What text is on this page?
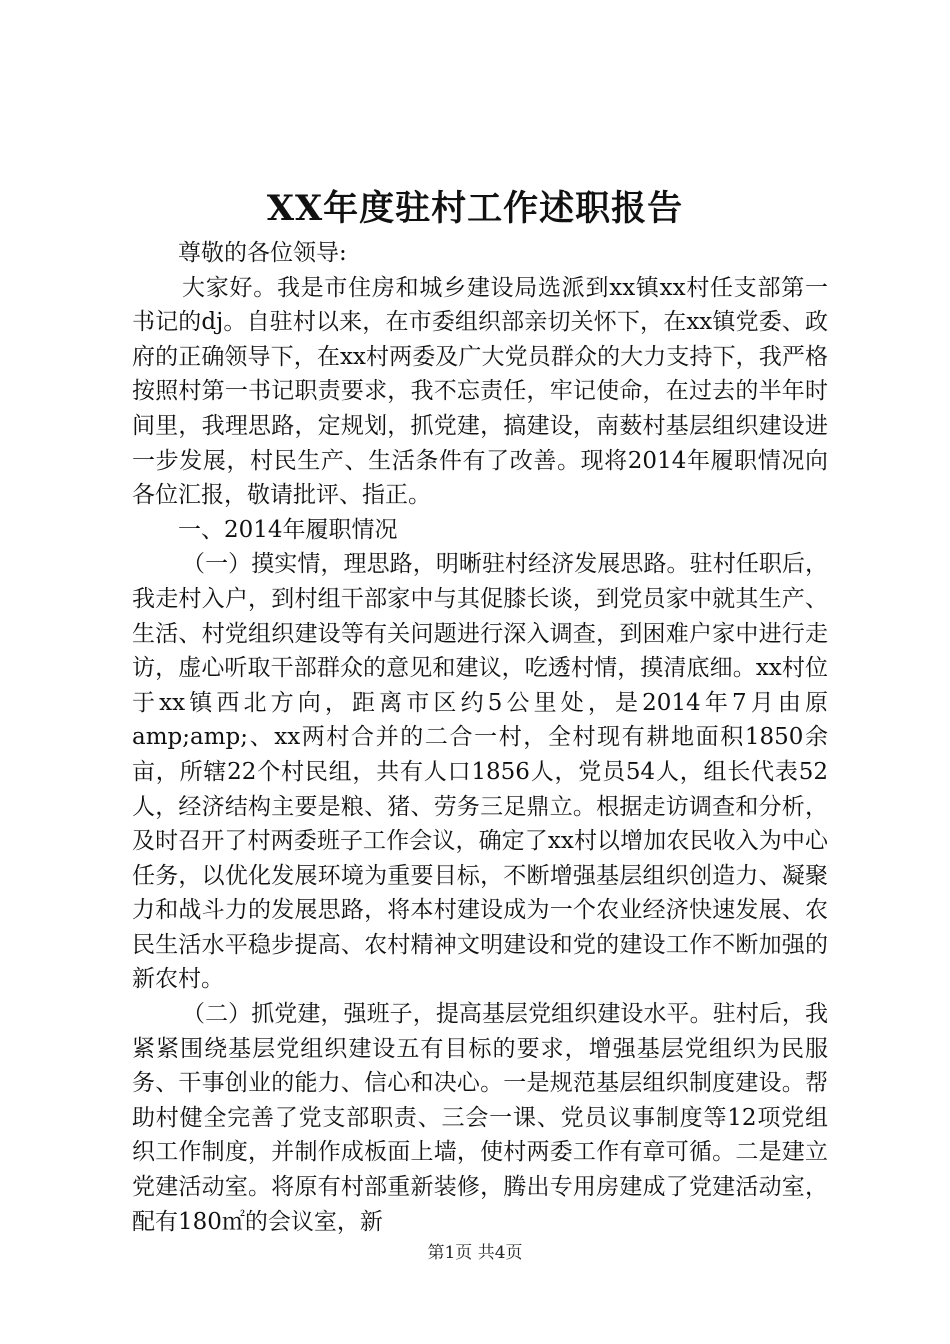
XX年度驻村工作述职报告

尊敬的各位领导:

大家好。我是市住房和城乡建设局选派到xx镇xx村任支部第一书记的dj。自驻村以来，在市委组织部亲切关怀下，在xx镇党委、政府的正确领导下，在xx村两委及广大党员群众的大力支持下，我严格按照村第一书记职责要求，我不忘责任，牢记使命，在过去的半年时间里，我理思路，定规划，抓党建，搞建设，南薮村基层组织建设进一步发展，村民生产、生活条件有了改善。现将2014年履职情况向各位汇报，敬请批评、指正。

一、2014年履职情况

（一）摸实情，理思路，明晰驻村经济发展思路。驻村任职后，我走村入户，到村组干部家中与其促膝长谈，到党员家中就其生产、生活、村党组织建设等有关问题进行深入调查，到困难户家中进行走访，虚心听取干部群众的意见和建议，吃透村情，摸清底细。xx村位于xx镇西北方向，距离市区约5公里处，是2014年7月由原amp;amp;、xx两村合并的二合一村，全村现有耕地面积1850余亩，所辖22个村民组，共有人口1856人，党员54人，组长代表52人，经济结构主要是粮、猪、劳务三足鼎立。根据走访调查和分析，及时召开了村两委班子工作会议，确定了xx村以增加农民收入为中心任务，以优化发展环境为重要目标，不断增强基层组织创造力、凝聚力和战斗力的发展思路，将本村建设成为一个农业经济快速发展、农民生活水平稳步提高、农村精神文明建设和党的建设工作不断加强的新农村。

（二）抓党建，强班子，提高基层党组织建设水平。驻村后，我紧紧围绕基层党组织建设五有目标的要求，增强基层党组织为民服务、干事创业的能力、信心和决心。一是规范基层组织制度建设。帮助村健全完善了党支部职责、三会一课、党员议事制度等12项党组织工作制度，并制作成板面上墙，使村两委工作有章可循。二是建立党建活动室。将原有村部重新装修，腾出专用房建成了党建活动室，配有180㎡的会议室，新

第1页 共4页
